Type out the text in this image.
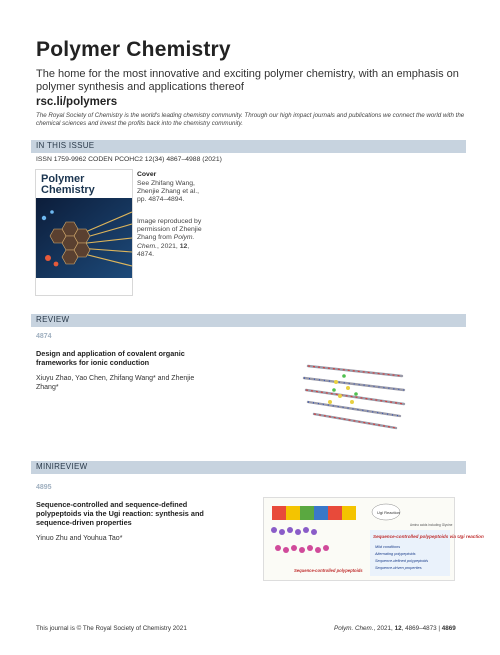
Polymer Chemistry
The home for the most innovative and exciting polymer chemistry, with an emphasis on polymer synthesis and applications thereof
rsc.li/polymers
The Royal Society of Chemistry is the world's leading chemistry community. Through our high impact journals and publications we connect the world with the chemical sciences and invest the profits back into the chemistry community.
IN THIS ISSUE
ISSN 1759-9962 CODEN PCOHC2 12(34) 4867–4988 (2021)
Polymer Chemistry
Cover
See Zhifang Wang, Zhenjie Zhang et al., pp. 4874–4894.
Image reproduced by permission of Zhenjie Zhang from Polym. Chem., 2021, 12, 4874.
REVIEW
4874
Design and application of covalent organic frameworks for ionic conduction
Xiuyu Zhao, Yao Chen, Zhifang Wang* and Zhenjie Zhang*
MINIREVIEW
4895
Sequence-controlled and sequence-defined polypeptoids via the Ugi reaction: synthesis and sequence-driven properties
Yinuo Zhu and Youhua Tao*
Sequence-controlled polypeptoids
Ugi Reaction
Amino acids including Glycine
Sequence-controlled polypeptoids via Ugi reaction
Mild conditions
Alternating polypeptoids
Sequence-defined polypeptoids
Sequence-driven properties
This journal is © The Royal Society of Chemistry 2021	Polym. Chem., 2021, 12, 4869–4873 | 4869
